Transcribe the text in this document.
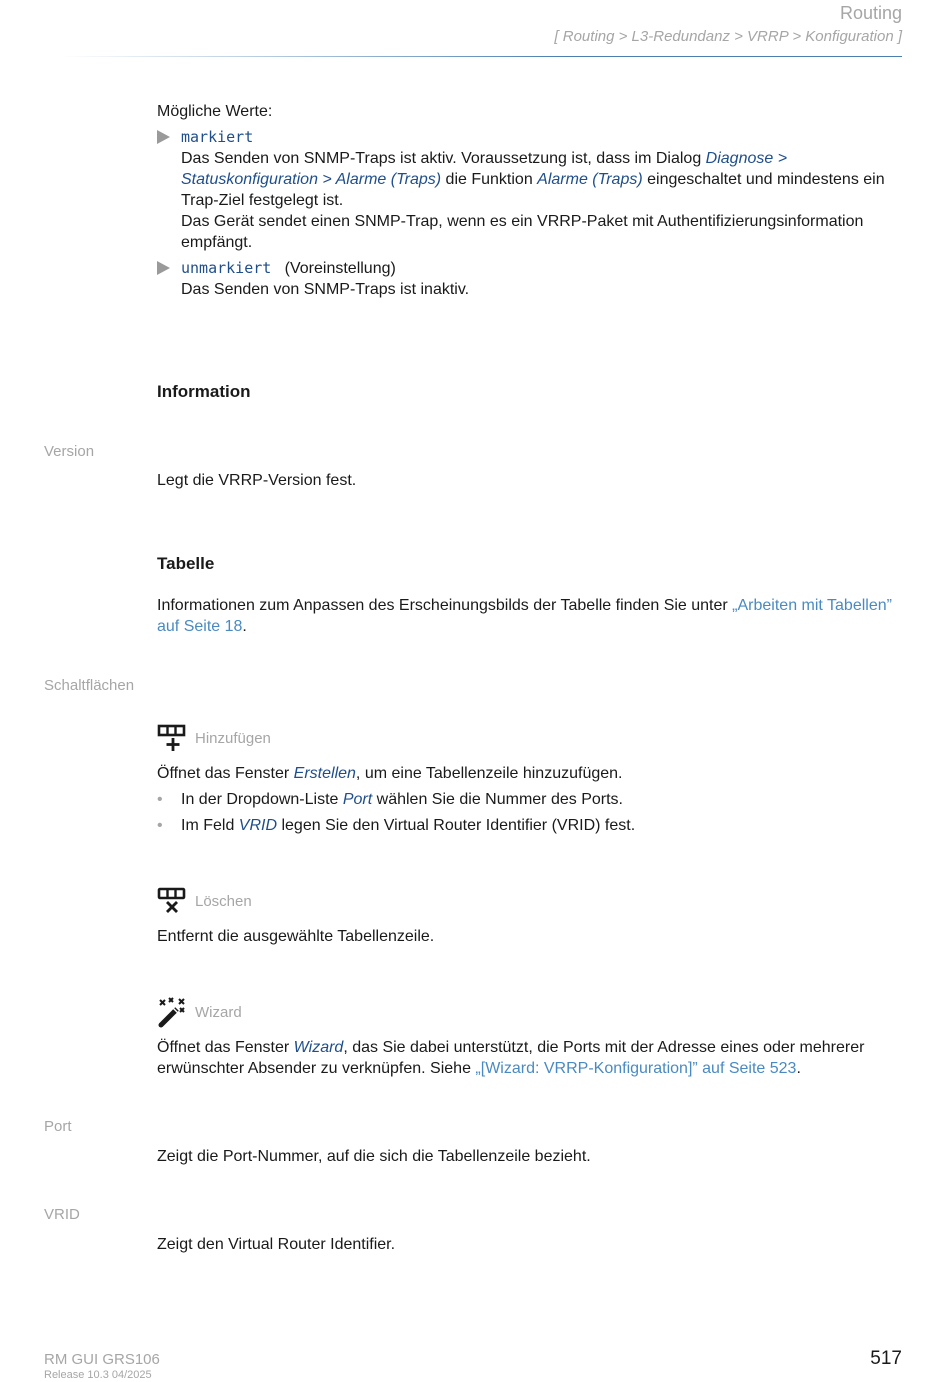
Routing
[ Routing > L3-Redundanz > VRRP > Konfiguration ]
Mögliche Werte:
markiert
Das Senden von SNMP-Traps ist aktiv. Voraussetzung ist, dass im Dialog Diagnose > Statuskonfiguration > Alarme (Traps) die Funktion Alarme (Traps) eingeschaltet und mindestens ein Trap-Ziel festgelegt ist.
Das Gerät sendet einen SNMP-Trap, wenn es ein VRRP-Paket mit Authentifizierungsinformation empfängt.
unmarkiert (Voreinstellung)
Das Senden von SNMP-Traps ist inaktiv.
Information
Version
Legt die VRRP-Version fest.
Tabelle
Informationen zum Anpassen des Erscheinungsbilds der Tabelle finden Sie unter „Arbeiten mit Tabellen” auf Seite 18.
Schaltflächen
Hinzufügen
Öffnet das Fenster Erstellen, um eine Tabellenzeile hinzuzufügen.
• In der Dropdown-Liste Port wählen Sie die Nummer des Ports.
• Im Feld VRID legen Sie den Virtual Router Identifier (VRID) fest.
Löschen
Entfernt die ausgewählte Tabellenzeile.
Wizard
Öffnet das Fenster Wizard, das Sie dabei unterstützt, die Ports mit der Adresse eines oder mehrerer erwünschter Absender zu verknüpfen. Siehe „[Wizard: VRRP-Konfiguration]” auf Seite 523.
Port
Zeigt die Port-Nummer, auf die sich die Tabellenzeile bezieht.
VRID
Zeigt den Virtual Router Identifier.
RM GUI GRS106
Release 10.3 04/2025
517
